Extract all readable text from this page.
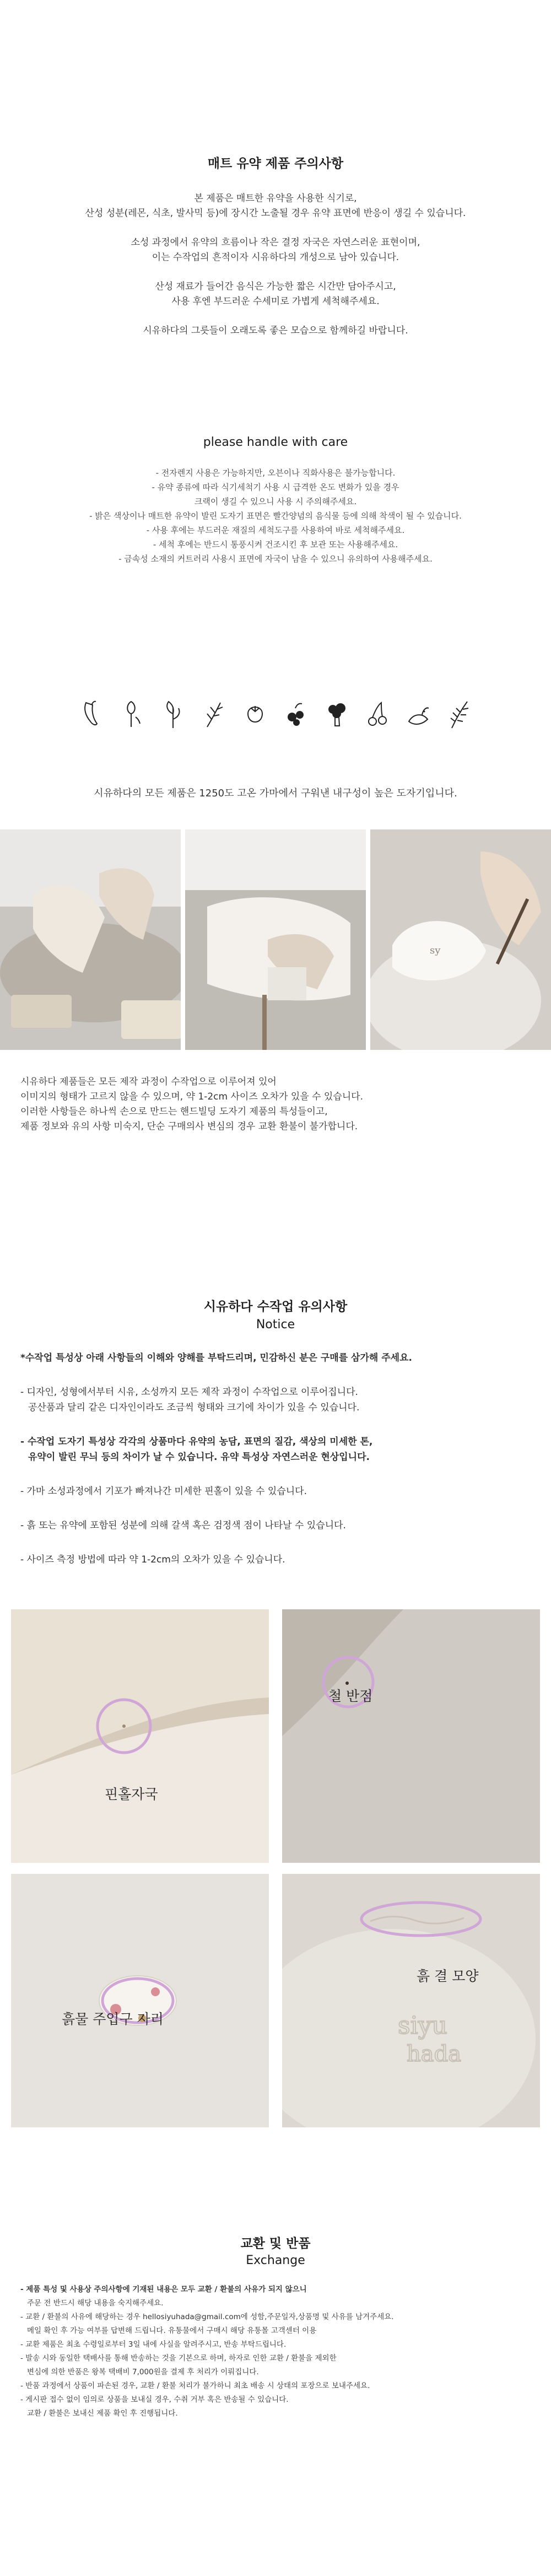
매트 유약 제품 주의사항

본 제품은 매트한 유약을 사용한 식기로,

산성 성분(레몬, 식초, 발사믹 등)에 장시간 노출될 경우 유약 표면에 반응이 생길 수 있습니다.

소성 과정에서 유약의 흐름이나 작은 결정 자국은 자연스러운 표현이며,

이는 수작업의 흔적이자 시유하다의 개성으로 남아 있습니다.

산성 재료가 들어간 음식은 가능한 짧은 시간만 담아주시고,

사용 후엔 부드러운 수세미로 가볍게 세척해주세요.

시유하다의 그릇들이 오래도록 좋은 모습으로 함께하길 바랍니다.

please handle with care

- 전자렌지 사용은 가능하지만, 오븐이나 직화사용은 불가능합니다.

- 유약 종류에 따라 식기세척기 사용 시 급격한 온도 변화가 있을 경우

크랙이 생길 수 있으니 사용 시 주의해주세요.

- 밝은 색상이나 매트한 유약이 발린 도자기 표면은 빨간양념의 음식물 등에 의해 착색이 될 수 있습니다.

- 사용 후에는 부드러운 재질의 세척도구를 사용하여 바로 세척해주세요.

- 세척 후에는 반드시 통풍시켜 건조시킨 후 보관 또는 사용해주세요.

- 금속성 소재의 커트러리 사용시 표면에 자국이 남을 수 있으니 유의하여 사용해주세요.

시유하다의 모든 제품은 1250도 고온 가마에서 구워낸 내구성이 높은 도자기입니다.

sy

시유하다 제품들은 모든 제작 과정이 수작업으로 이루어져 있어

이미지의 형태가 고르지 않을 수 있으며, 약 1-2cm 사이즈 오차가 있을 수 있습니다.

이러한 사항들은 하나씩 손으로 만드는 핸드빌딩 도자기 제품의 특성들이고,

제품 정보와 유의 사항 미숙지, 단순 구매의사 변심의 경우 교환 환불이 불가합니다.

시유하다 수작업 유의사항

Notice

*수작업 특성상 아래 사항들의 이해와 양해를 부탁드리며, 민감하신 분은 구매를 삼가해 주세요.

- 디자인, 성형에서부터 시유, 소성까지 모든 제작 과정이 수작업으로 이루어집니다.

공산품과 달리 같은 디자인이라도 조금씩 형태와 크기에 차이가 있을 수 있습니다.

- 수작업 도자기 특성상 각각의 상품마다 유약의 농담, 표면의 질감, 색상의 미세한 톤,

유약이 발린 무늬 등의 차이가 날 수 있습니다. 유약 특성상 자연스러운 현상입니다.

- 가마 소성과정에서 기포가 빠져나간 미세한 핀홀이 있을 수 있습니다.

- 흙 또는 유약에 포함된 성분에 의해 갈색 혹은 검정색 점이 나타날 수 있습니다.

- 사이즈 측정 방법에 따라 약 1-2cm의 오차가 있을 수 있습니다.

핀홀자국
철 반점
흙물 주입구 자리	siyu
hada
흙 결 모양

교환 및 반품

Exchange

- 제품 특성 및 사용상 주의사항에 기재된 내용은 모두 교환 / 환불의 사유가 되지 않으니

주문 전 반드시 해당 내용을 숙지해주세요.

- 교환 / 환불의 사유에 해당하는 경우 hellosiyuhada@gmail.com에 성함,주문일자,상품명 및 사유를 남겨주세요.

메일 확인 후 가능 여부를 답변해 드립니다. 유통물에서 구매시 해당 유통몰 고객센터 이용

- 교환 제품은 최초 수령일로부터 3일 내에 사실을 알려주시고, 반송 부탁드립니다.

- 발송 시와 동일한 택배사를 통해 반송하는 것을 기본으로 하며, 하자로 인한 교환 / 환불을 제외한

변심에 의한 반품은 왕복 택배비 7,000원을 결제 후 처리가 이뤄집니다.

- 반품 과정에서 상품이 파손된 경우, 교환 / 환불 처리가 불가하니 최초 배송 시 상태의 포장으로 보내주세요.

- 게시판 접수 없이 임의로 상품을 보내실 경우, 수취 거부 혹은 반송될 수 있습니다.

교환 / 환불은 보내신 제품 확인 후 진행됩니다.
